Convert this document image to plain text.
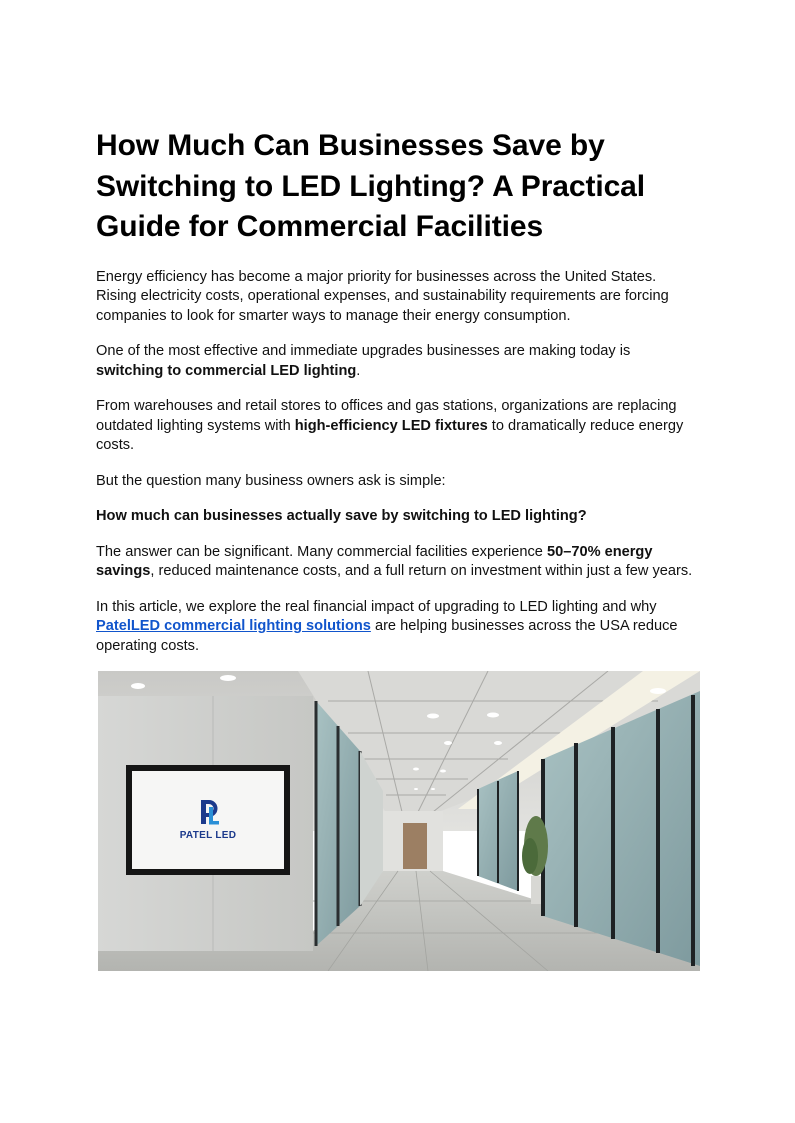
How Much Can Businesses Save by Switching to LED Lighting? A Practical Guide for Commercial Facilities

Energy efficiency has become a major priority for businesses across the United States. Rising electricity costs, operational expenses, and sustainability requirements are forcing companies to look for smarter ways to manage their energy consumption.

One of the most effective and immediate upgrades businesses are making today is switching to commercial LED lighting.

From warehouses and retail stores to offices and gas stations, organizations are replacing outdated lighting systems with high-efficiency LED fixtures to dramatically reduce energy costs.

But the question many business owners ask is simple:

How much can businesses actually save by switching to LED lighting?

The answer can be significant. Many commercial facilities experience 50–70% energy savings, reduced maintenance costs, and a full return on investment within just a few years.

In this article, we explore the real financial impact of upgrading to LED lighting and why PatelLED commercial lighting solutions are helping businesses across the USA reduce operating costs.

PATEL LED
